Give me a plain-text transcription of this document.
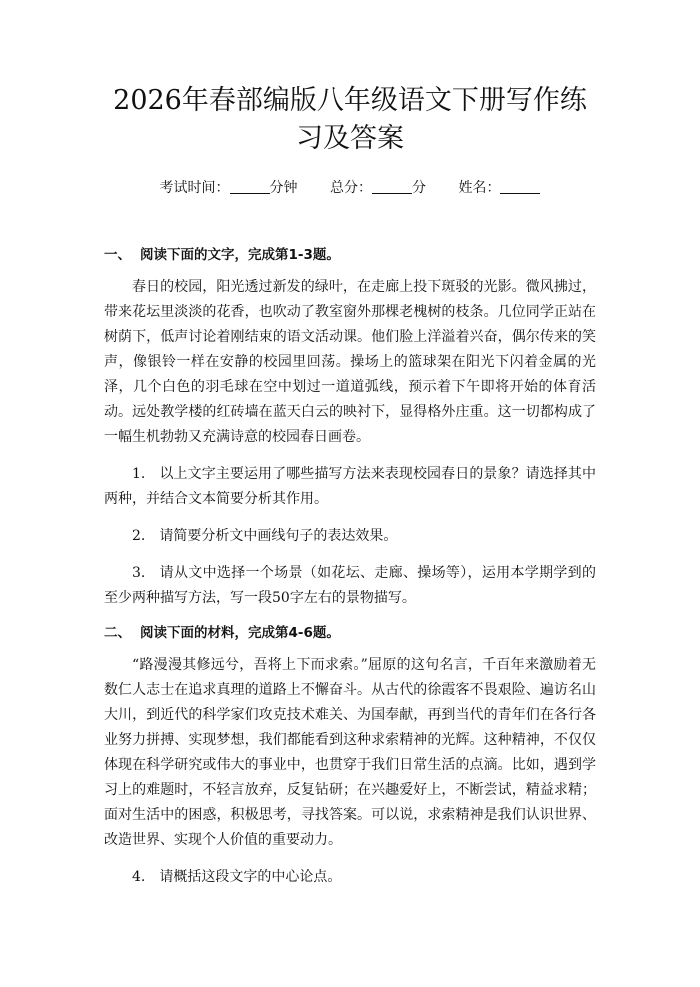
2026年春部编版八年级语文下册写作练习及答案
考试时间：	分钟 总分：	分 姓名：
一、 阅读下面的文字，完成第1-3题。

春日的校园，阳光透过新发的绿叶，在走廊上投下斑驳的光影。微风拂过，带来花坛里淡淡的花香，也吹动了教室窗外那棵老槐树的枝条。几位同学正站在树荫下，低声讨论着刚结束的语文活动课。他们脸上洋溢着兴奋，偶尔传来的笑声，像银铃一样在安静的校园里回荡。操场上的篮球架在阳光下闪着金属的光泽，几个白色的羽毛球在空中划过一道道弧线，预示着下午即将开始的体育活动。远处教学楼的红砖墙在蓝天白云的映衬下，显得格外庄重。这一切都构成了一幅生机勃勃又充满诗意的校园春日画卷。

1. 以上文字主要运用了哪些描写方法来表现校园春日的景象？请选择其中两种，并结合文本简要分析其作用。

2. 请简要分析文中画线句子的表达效果。

3. 请从文中选择一个场景（如花坛、走廊、操场等），运用本学期学到的至少两种描写方法，写一段50字左右的景物描写。

二、 阅读下面的材料，完成第4-6题。

“路漫漫其修远兮，吾将上下而求索。”屈原的这句名言，千百年来激励着无数仁人志士在追求真理的道路上不懈奋斗。从古代的徐霞客不畏艰险、遍访名山大川，到近代的科学家们攻克技术难关、为国奉献，再到当代的青年们在各行各业努力拼搏、实现梦想，我们都能看到这种求索精神的光辉。这种精神，不仅仅体现在科学研究或伟大的事业中，也贯穿于我们日常生活的点滴。比如，遇到学习上的难题时，不轻言放弃，反复钻研；在兴趣爱好上，不断尝试，精益求精；面对生活中的困惑，积极思考，寻找答案。可以说，求索精神是我们认识世界、改造世界、实现个人价值的重要动力。

4. 请概括这段文字的中心论点。
